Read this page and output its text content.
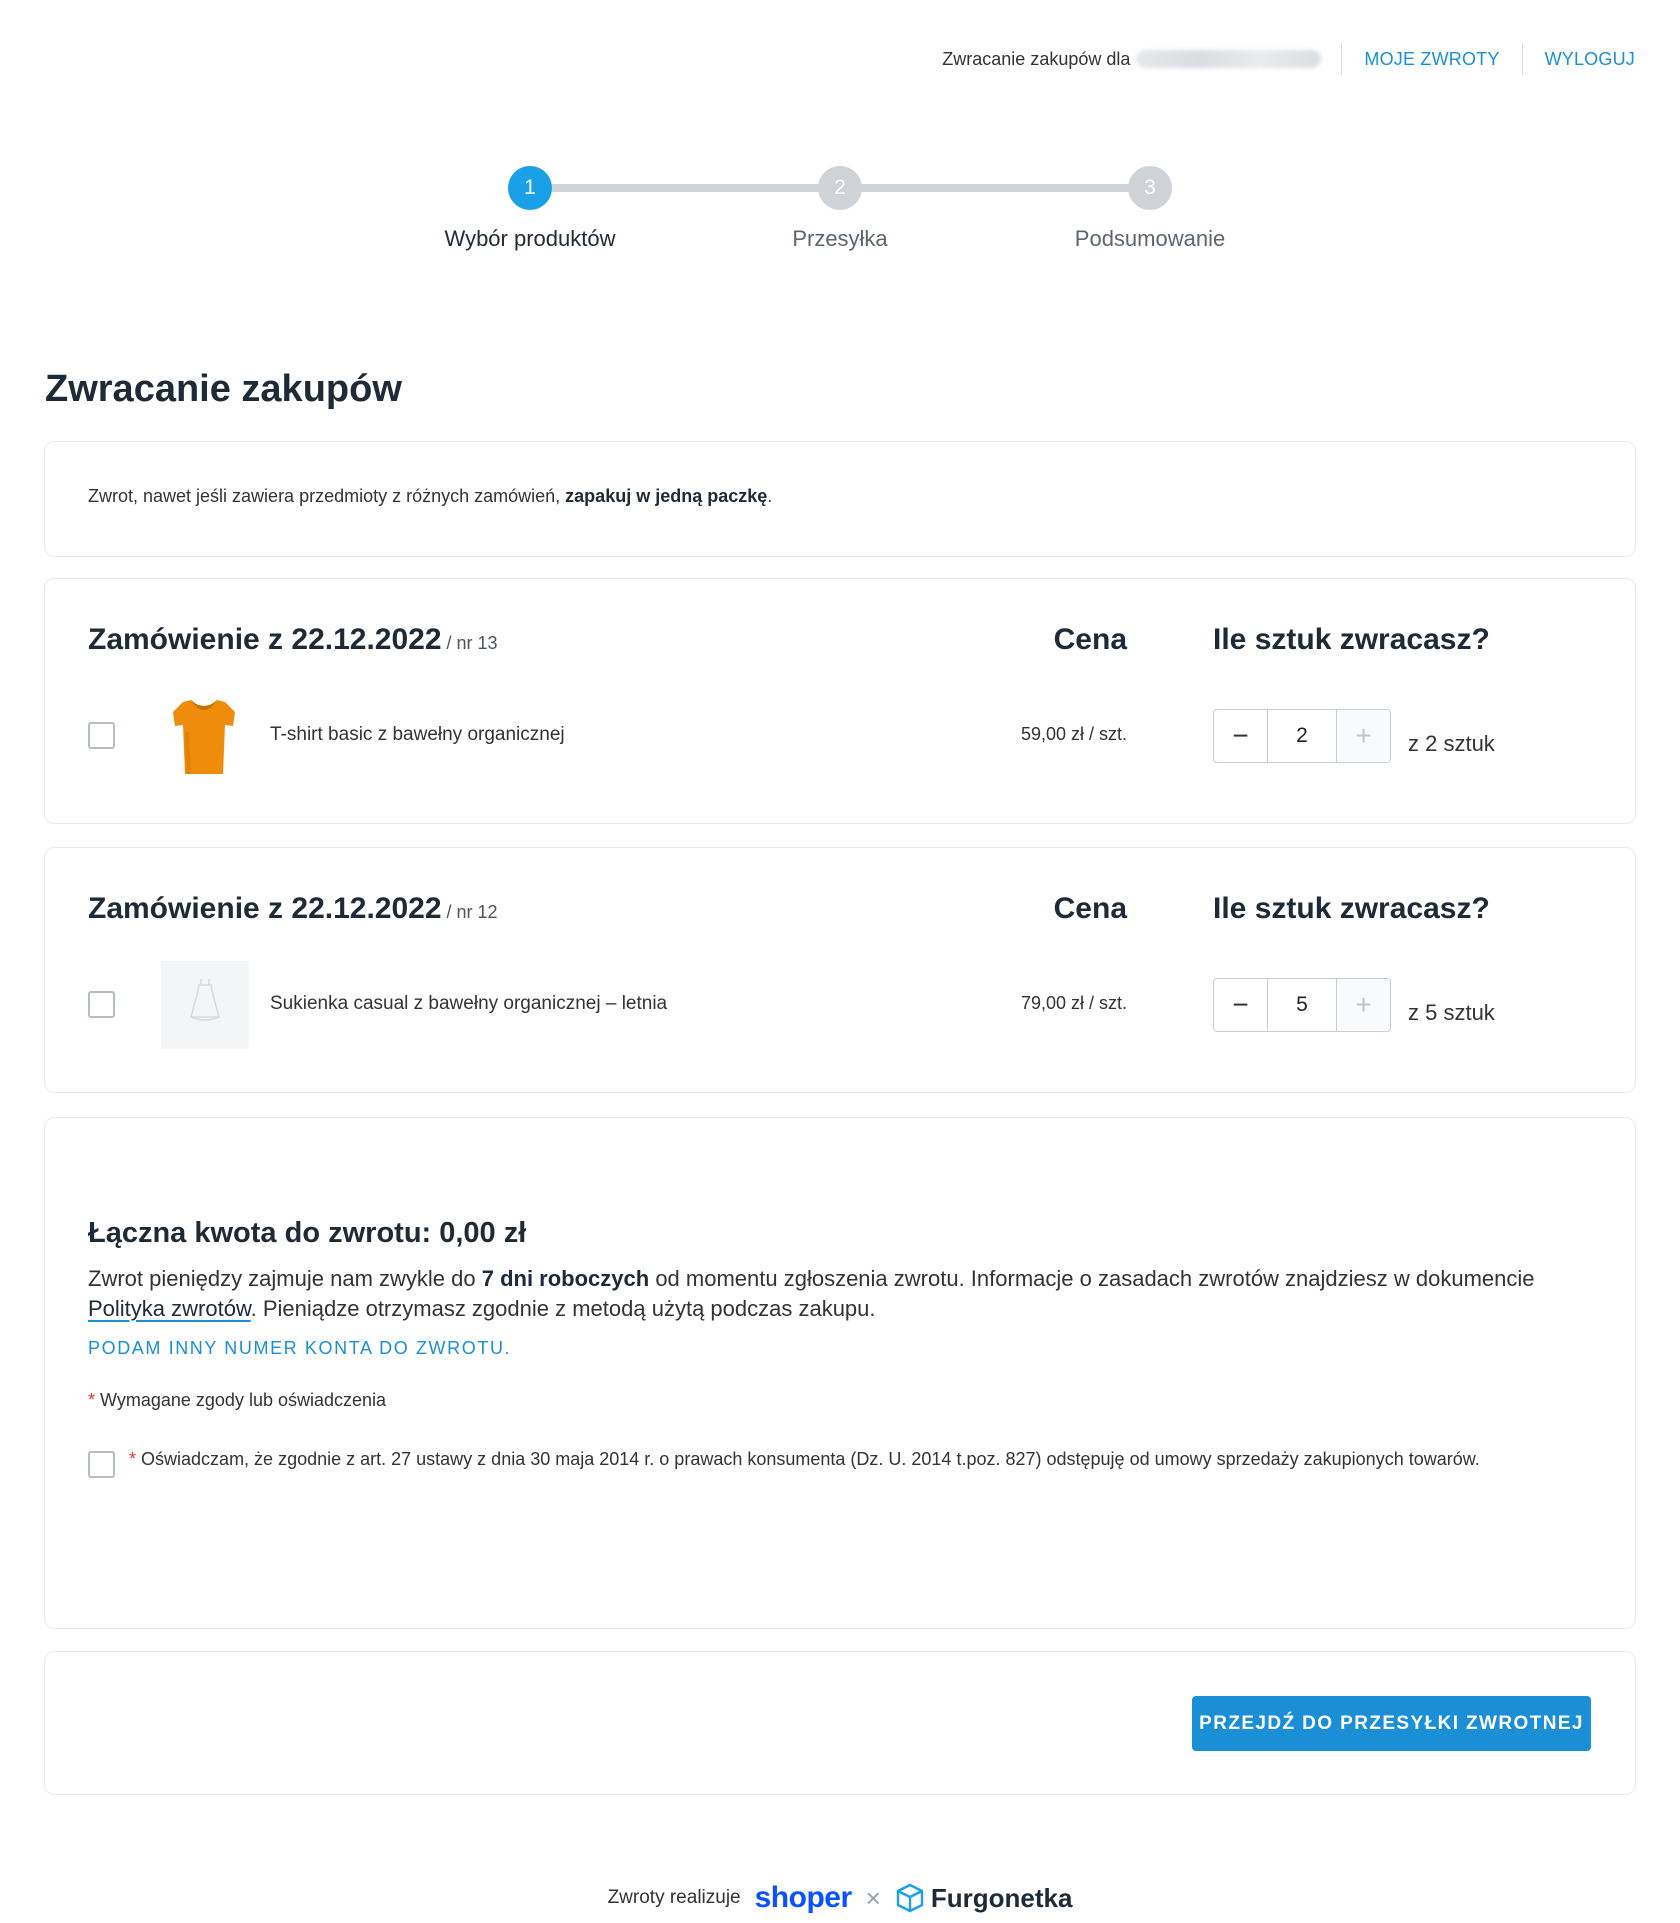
Zwracanie zakupów dla	MOJE ZWROTY	WYLOGUJ
1
Wybór produktów
2
Przesyłka
3
Podsumowanie
Zwracanie zakupów

Zwrot, nawet jeśli zawiera przedmioty z różnych zamówień, zapakuj w jedną paczkę.

Zamówienie z 22.12.2022 / nr 13	Cena	Ile sztuk zwracasz?
T-shirt basic z bawełny organicznej	59,00 zł / szt.	−	2	+	z 2 sztuk
Zamówienie z 22.12.2022 / nr 12	Cena	Ile sztuk zwracasz?
Sukienka casual z bawełny organicznej – letnia	79,00 zł / szt.	−	5	+	z 5 sztuk
Łączna kwota do zwrotu: 0,00 zł
Zwrot pieniędzy zajmuje nam zwykle do 7 dni roboczych od momentu zgłoszenia zwrotu. Informacje o zasadach zwrotów znajdziesz w dokumencie Polityka zwrotów. Pieniądze otrzymasz zgodnie z metodą użytą podczas zakupu.
PODAM INNY NUMER KONTA DO ZWROTU.
* Wymagane zgody lub oświadczenia
* Oświadczam, że zgodnie z art. 27 ustawy z dnia 30 maja 2014 r. o prawach konsumenta (Dz. U. 2014 t.poz. 827) odstępuję od umowy sprzedaży zakupionych towarów.
PRZEJDŹ DO PRZESYŁKI ZWROTNEJ
Zwroty realizuje shoper × Furgonetka
